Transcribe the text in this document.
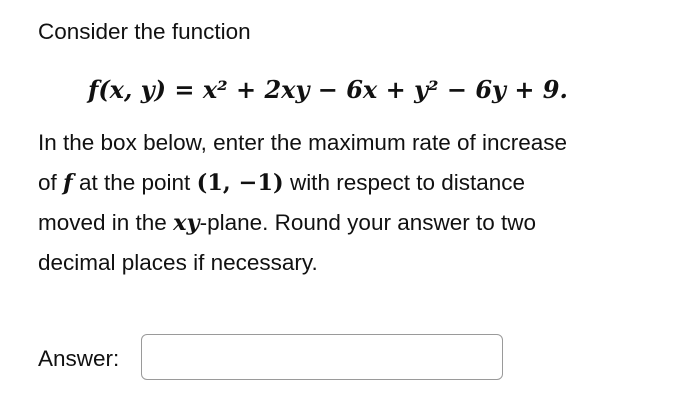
Consider the function
f(x, y) = x² + 2xy − 6x + y² − 6y + 9.
In the box below, enter the maximum rate of increase
of f at the point (1, −1) with respect to distance
moved in the xy-plane. Round your answer to two
decimal places if necessary.
Answer:
